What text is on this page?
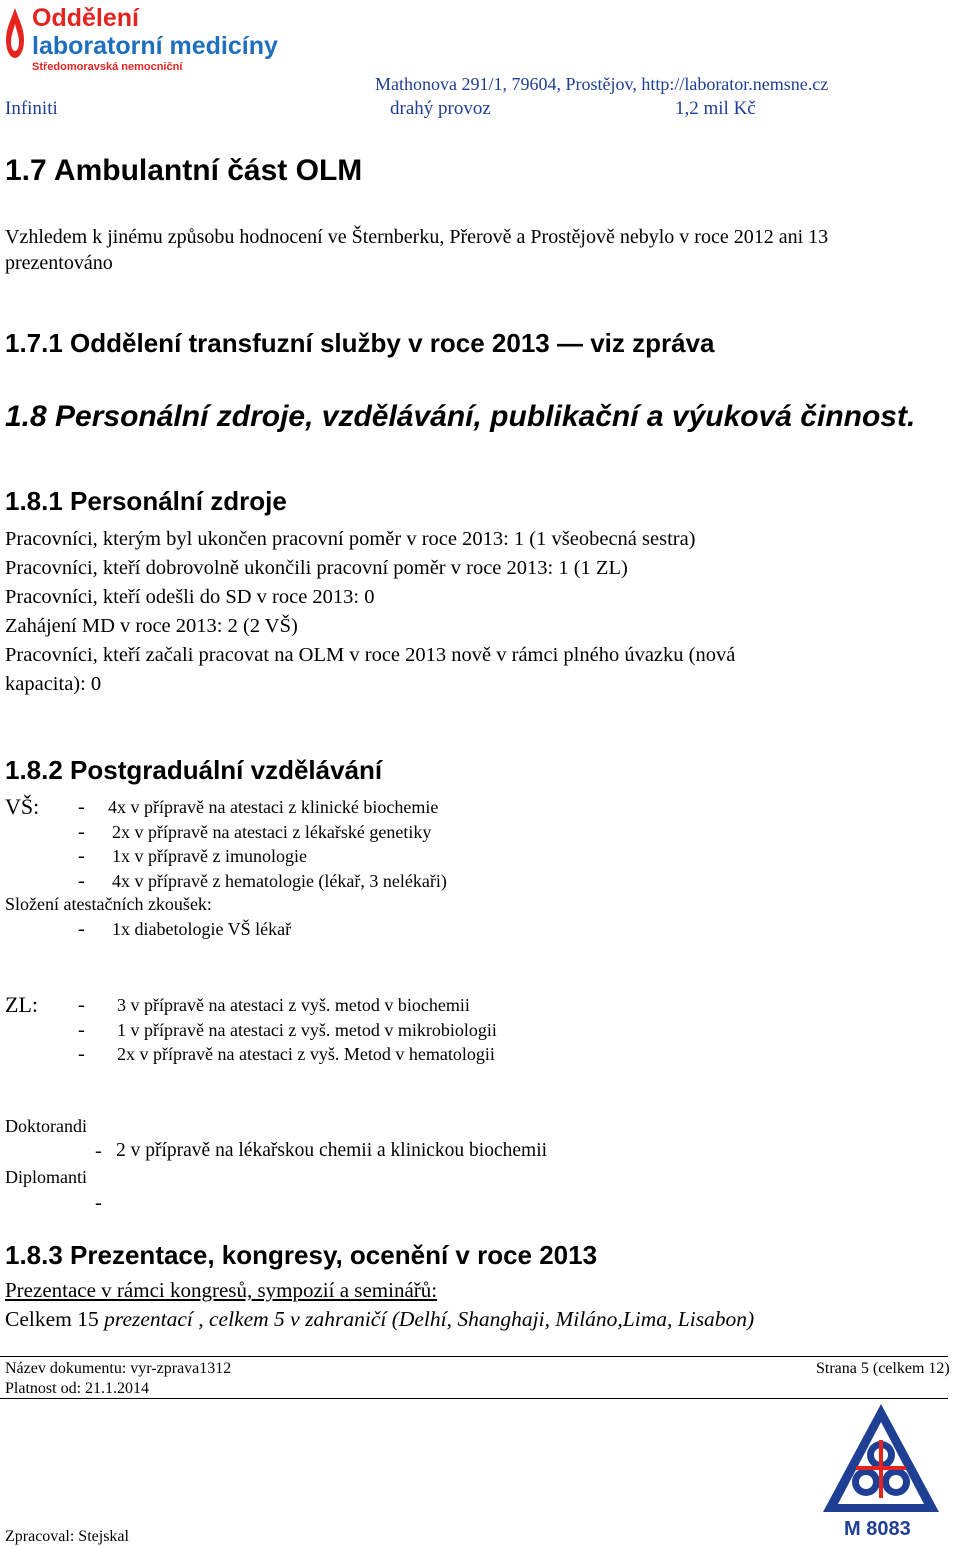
Oddělení
laboratorní medicíny
Středomoravská nemocniční
Mathonova 291/1, 79604, Prostějov, http://laborator.nemsne.cz
Infiniti	drahý provoz	1,2 mil Kč
1.7 Ambulantní část OLM
Vzhledem k jinému způsobu hodnocení ve Šternberku, Přerově a Prostějově nebylo v roce 2012 ani 13
prezentováno
1.7.1 Oddělení transfuzní služby v roce 2013 — viz zpráva
1.8 Personální zdroje, vzdělávání, publikační a výuková činnost.
1.8.1 Personální zdroje
Pracovníci, kterým byl ukončen pracovní poměr v roce 2013: 1 (1 všeobecná sestra)
Pracovníci, kteří dobrovolně ukončili pracovní poměr v roce 2013: 1 (1 ZL)
Pracovníci, kteří odešli do SD v roce 2013: 0
Zahájení MD v roce 2013: 2 (2 VŠ)
Pracovníci, kteří začali pracovat na OLM v roce 2013 nově v rámci plného úvazku (nová
kapacita): 0
1.8.2 Postgraduální vzdělávání
VŠ: - 4x v přípravě na atestaci z klinické biochemie
- 2x v přípravě na atestaci z lékařské genetiky
- 1x v přípravě z imunologie
- 4x v přípravě z hematologie (lékař, 3 nelékaři)
Složení atestačních zkoušek:
- 1x diabetologie VŠ lékař
ZL: - 3 v přípravě na atestaci z vyš. metod v biochemii
- 1 v přípravě na atestaci z vyš. metod v mikrobiologii
- 2x v přípravě na atestaci z vyš. Metod v hematologii
Doktorandi
- 2 v přípravě na lékařskou chemii a klinickou biochemii
Diplomanti
-
1.8.3 Prezentace, kongresy, ocenění v roce 2013
Prezentace v rámci kongresů, sympozií a seminářů:
Celkem 15 prezentací , celkem 5 v zahraničí (Delhí, Shanghaji, Miláno,Lima, Lisabon)
Název dokumentu: vyr-zprava1312	Strana 5 (celkem 12)
Platnost od: 21.1.2014
Zpracoval: Stejskal	M 8083
